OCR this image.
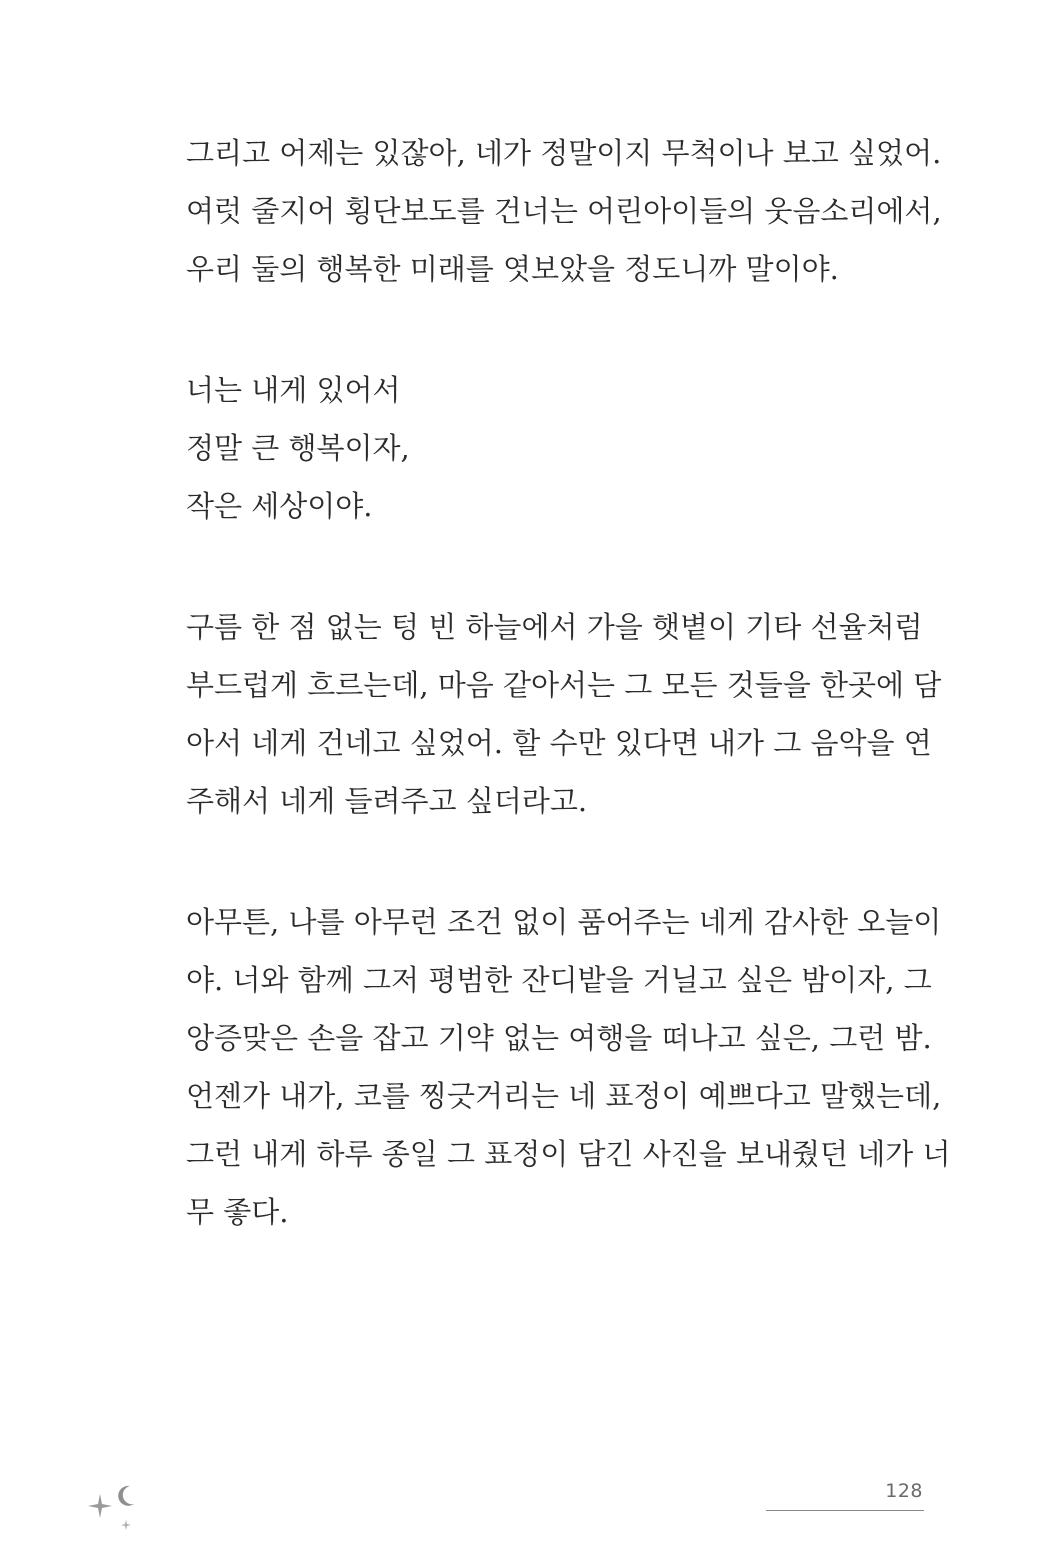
그리고 어제는 있잖아, 네가 정말이지 무척이나 보고 싶었어.
여럿 줄지어 횡단보도를 건너는 어린아이들의 웃음소리에서,
우리 둘의 행복한 미래를 엿보았을 정도니까 말이야.

너는 내게 있어서
정말 큰 행복이자,
작은 세상이야.

구름 한 점 없는 텅 빈 하늘에서 가을 햇볕이 기타 선율처럼
부드럽게 흐르는데, 마음 같아서는 그 모든 것들을 한곳에 담
아서 네게 건네고 싶었어. 할 수만 있다면 내가 그 음악을 연
주해서 네게 들려주고 싶더라고.

아무튼, 나를 아무런 조건 없이 품어주는 네게 감사한 오늘이
야. 너와 함께 그저 평범한 잔디밭을 거닐고 싶은 밤이자, 그
앙증맞은 손을 잡고 기약 없는 여행을 떠나고 싶은, 그런 밤.
언젠가 내가, 코를 찡긋거리는 네 표정이 예쁘다고 말했는데,
그런 내게 하루 종일 그 표정이 담긴 사진을 보내줬던 네가 너
무 좋다.

128
